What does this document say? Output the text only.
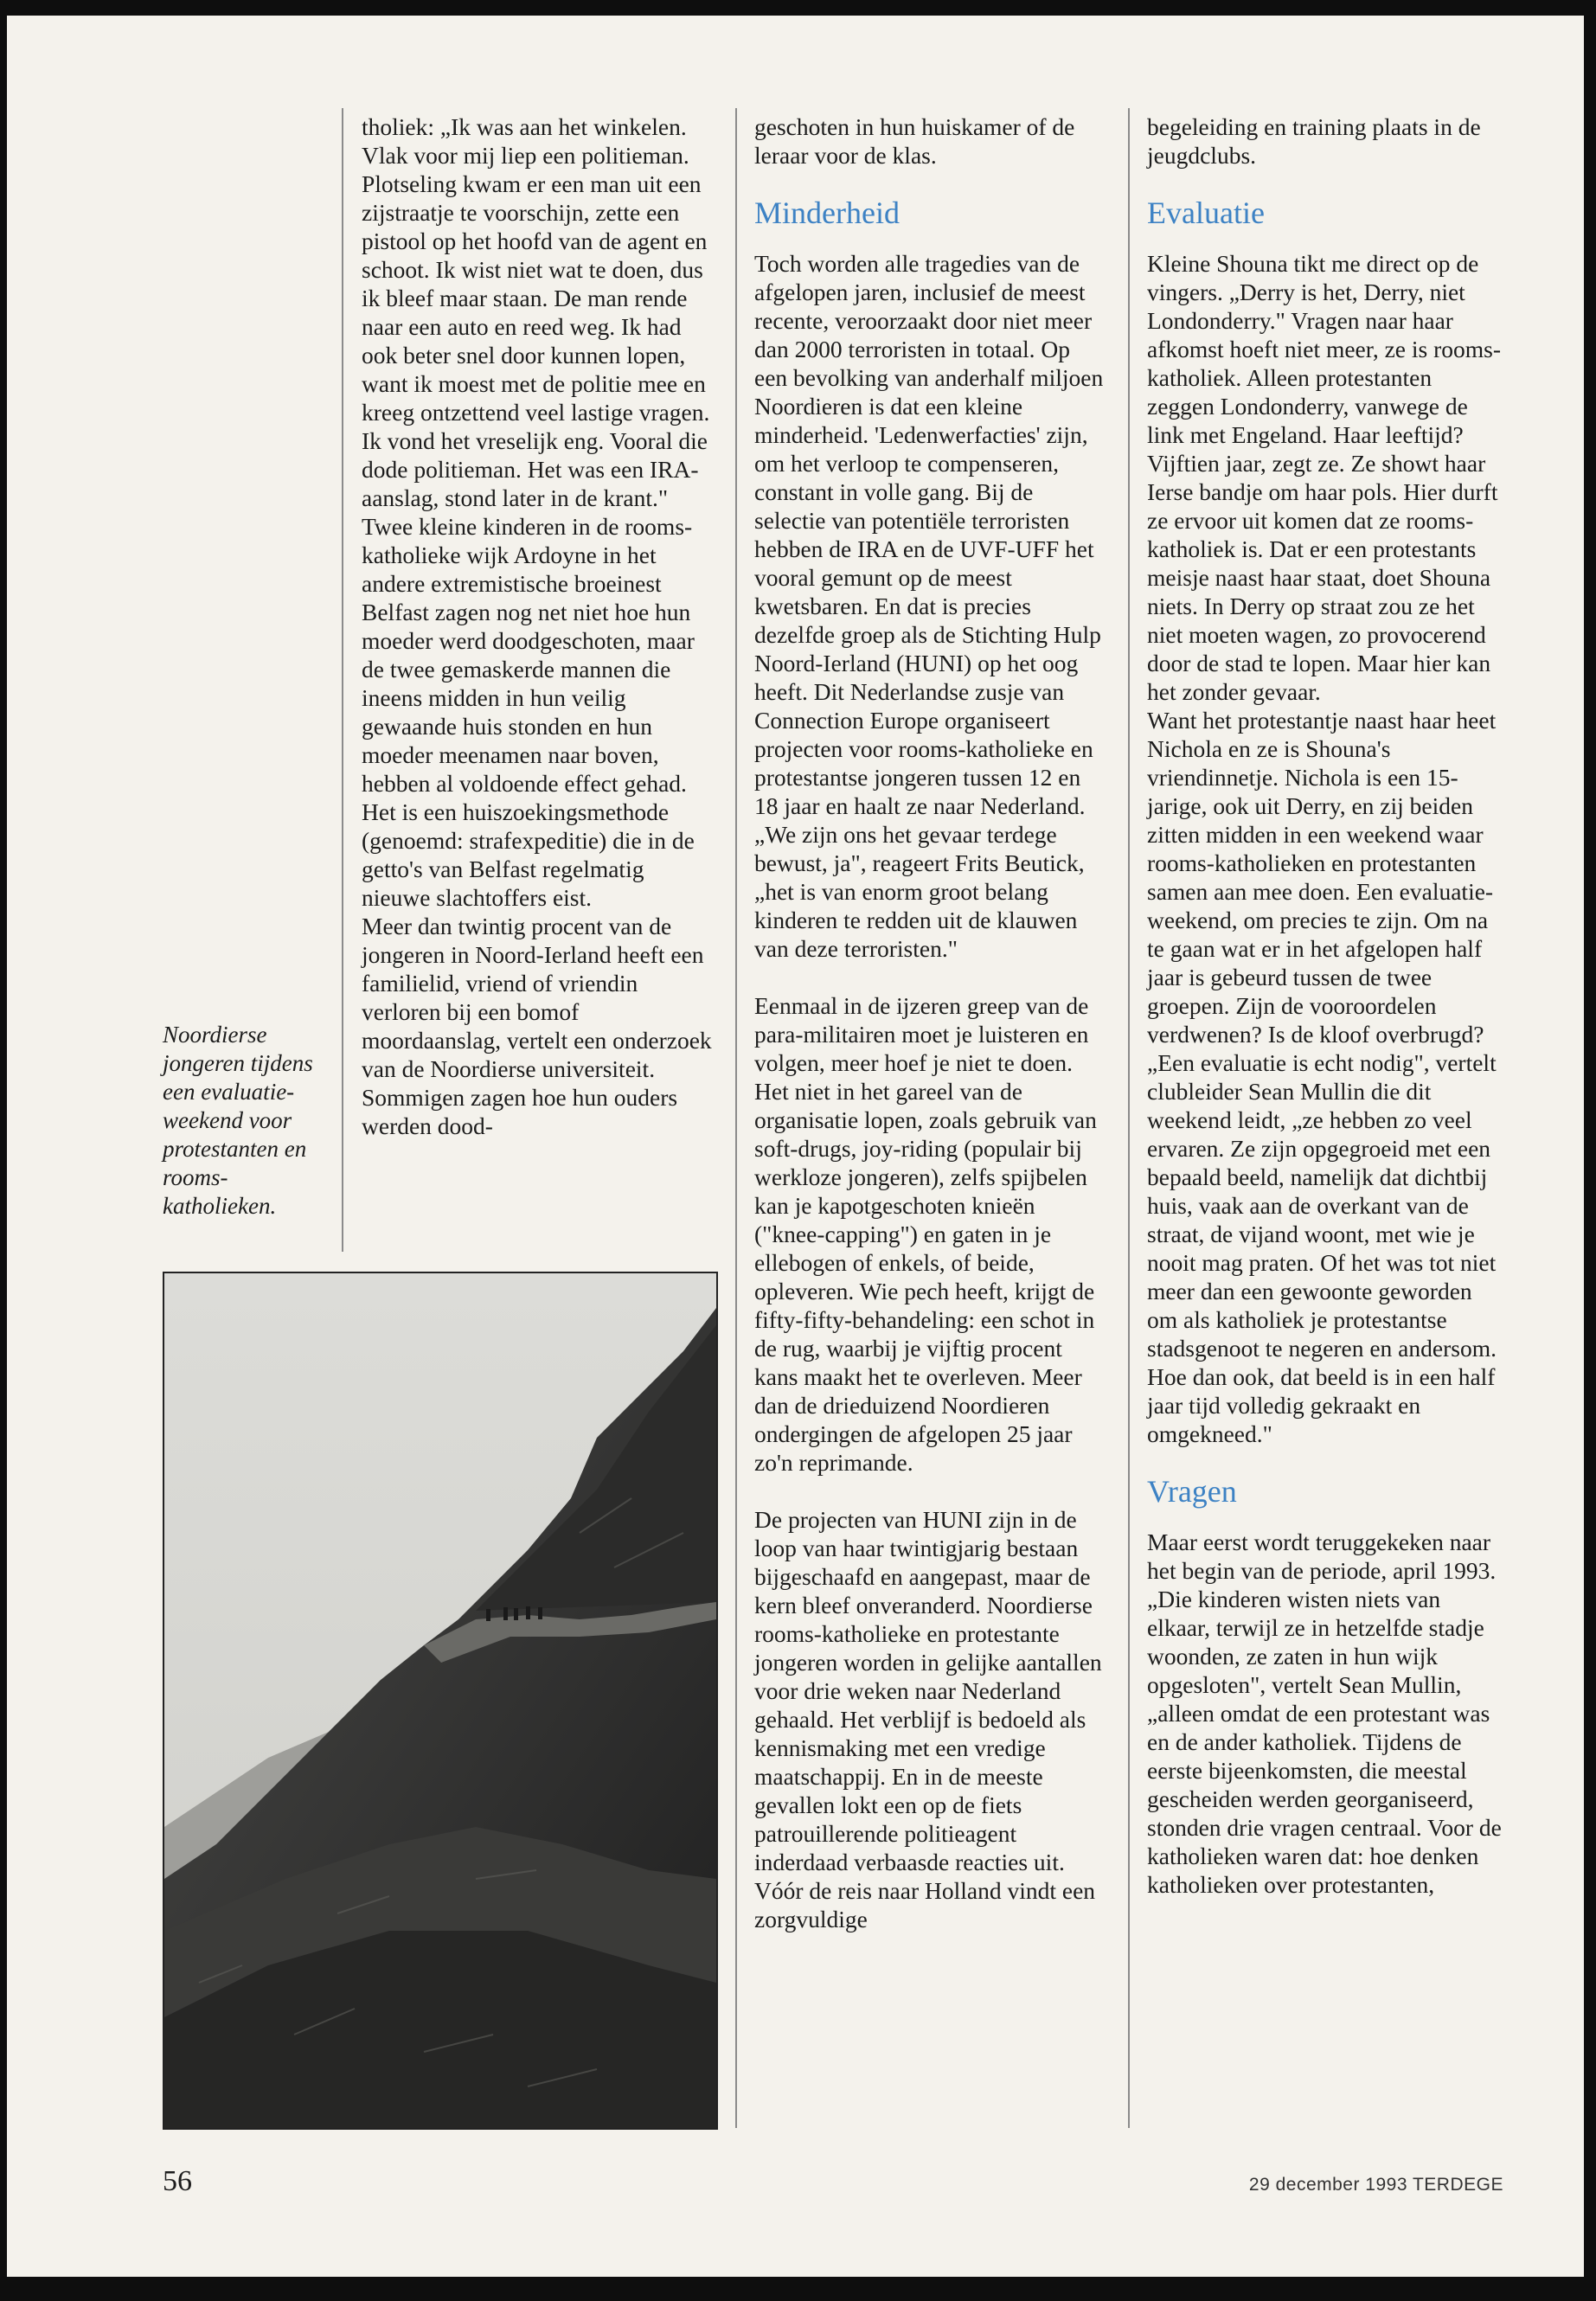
Noordierse jongeren tijdens een evaluatie-weekend voor protestanten en rooms-katholieken.

tholiek: „Ik was aan het winkelen. Vlak voor mij liep een politieman. Plotseling kwam er een man uit een zijstraatje te voorschijn, zette een pistool op het hoofd van de agent en schoot. Ik wist niet wat te doen, dus ik bleef maar staan. De man rende naar een auto en reed weg. Ik had ook beter snel door kunnen lopen, want ik moest met de politie mee en kreeg ontzettend veel lastige vragen. Ik vond het vreselijk eng. Vooral die dode politieman. Het was een IRA-aanslag, stond later in de krant."

Twee kleine kinderen in de rooms-katholieke wijk Ardoyne in het andere extremistische broeinest Belfast zagen nog net niet hoe hun moeder werd doodgeschoten, maar de twee gemaskerde mannen die ineens midden in hun veilig gewaande huis stonden en hun moeder meenamen naar boven, hebben al voldoende effect gehad. Het is een huiszoekingsmethode (genoemd: strafexpeditie) die in de getto's van Belfast regelmatig nieuwe slachtoffers eist.

Meer dan twintig procent van de jongeren in Noord-Ierland heeft een familielid, vriend of vriendin verloren bij een bomof moordaanslag, vertelt een onderzoek van de Noordierse universiteit. Sommigen zagen hoe hun ouders werden dood-

geschoten in hun huiskamer of de leraar voor de klas.

Minderheid

Toch worden alle tragedies van de afgelopen jaren, inclusief de meest recente, veroorzaakt door niet meer dan 2000 terroristen in totaal. Op een bevolking van anderhalf miljoen Noordieren is dat een kleine minderheid. 'Ledenwerfacties' zijn, om het verloop te compenseren, constant in volle gang. Bij de selectie van potentiële terroristen hebben de IRA en de UVF-UFF het vooral gemunt op de meest kwetsbaren. En dat is precies dezelfde groep als de Stichting Hulp Noord-Ierland (HUNI) op het oog heeft. Dit Nederlandse zusje van Connection Europe organiseert projecten voor rooms-katholieke en protestantse jongeren tussen 12 en 18 jaar en haalt ze naar Nederland. „We zijn ons het gevaar terdege bewust, ja", reageert Frits Beutick, „het is van enorm groot belang kinderen te redden uit de klauwen van deze terroristen."

Eenmaal in de ijzeren greep van de para-militairen moet je luisteren en volgen, meer hoef je niet te doen. Het niet in het gareel van de organisatie lopen, zoals gebruik van soft-drugs, joy-riding (populair bij werkloze jongeren), zelfs spijbelen kan je kapotgeschoten knieën ("knee-capping") en gaten in je ellebogen of enkels, of beide, opleveren. Wie pech heeft, krijgt de fifty-fifty-behandeling: een schot in de rug, waarbij je vijftig procent kans maakt het te overleven. Meer dan de drieduizend Noordieren ondergingen de afgelopen 25 jaar zo'n reprimande.

De projecten van HUNI zijn in de loop van haar twintigjarig bestaan bijgeschaafd en aangepast, maar de kern bleef onveranderd. Noordierse rooms-katholieke en protestante jongeren worden in gelijke aantallen voor drie weken naar Nederland gehaald. Het verblijf is bedoeld als kennismaking met een vredige maatschappij. En in de meeste gevallen lokt een op de fiets patrouillerende politieagent inderdaad verbaasde reacties uit. Vóór de reis naar Holland vindt een zorgvuldige

begeleiding en training plaats in de jeugdclubs.

Evaluatie

Kleine Shouna tikt me direct op de vingers. „Derry is het, Derry, niet Londonderry." Vragen naar haar afkomst hoeft niet meer, ze is rooms-katholiek. Alleen protestanten zeggen Londonderry, vanwege de link met Engeland. Haar leeftijd? Vijftien jaar, zegt ze. Ze showt haar Ierse bandje om haar pols. Hier durft ze ervoor uit komen dat ze rooms-katholiek is. Dat er een protestants meisje naast haar staat, doet Shouna niets. In Derry op straat zou ze het niet moeten wagen, zo provocerend door de stad te lopen. Maar hier kan het zonder gevaar.

Want het protestantje naast haar heet Nichola en ze is Shouna's vriendinnetje. Nichola is een 15-jarige, ook uit Derry, en zij beiden zitten midden in een weekend waar rooms-katholieken en protestanten samen aan mee doen. Een evaluatie-weekend, om precies te zijn. Om na te gaan wat er in het afgelopen half jaar is gebeurd tussen de twee groepen. Zijn de vooroordelen verdwenen? Is de kloof overbrugd? „Een evaluatie is echt nodig", vertelt clubleider Sean Mullin die dit weekend leidt, „ze hebben zo veel ervaren. Ze zijn opgegroeid met een bepaald beeld, namelijk dat dichtbij huis, vaak aan de overkant van de straat, de vijand woont, met wie je nooit mag praten. Of het was tot niet meer dan een gewoonte geworden om als katholiek je protestantse stadsgenoot te negeren en andersom. Hoe dan ook, dat beeld is in een half jaar tijd volledig gekraakt en omgekneed."

Vragen

Maar eerst wordt teruggekeken naar het begin van de periode, april 1993. „Die kinderen wisten niets van elkaar, terwijl ze in hetzelfde stadje woonden, ze zaten in hun wijk opgesloten", vertelt Sean Mullin, „alleen omdat de een protestant was en de ander katholiek. Tijdens de eerste bijeenkomsten, die meestal gescheiden werden georganiseerd, stonden drie vragen centraal. Voor de katholieken waren dat: hoe denken katholieken over protestanten,

56	29 december 1993 TERDEGE
